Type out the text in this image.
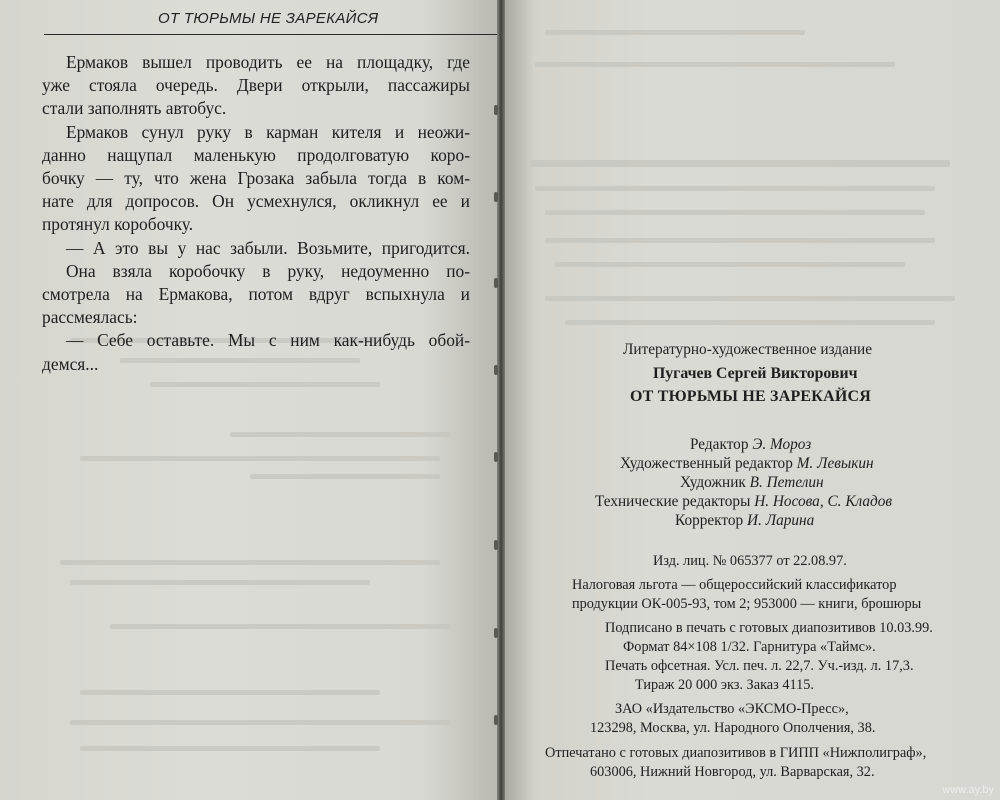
ОТ ТЮРЬМЫ НЕ ЗАРЕКАЙСЯ
Ермаков вышел проводить ее на площадку, где
уже стояла очередь. Двери открыли, пассажиры
стали заполнять автобус.
Ермаков сунул руку в карман кителя и неожи-
данно нащупал маленькую продолговатую коро-
бочку — ту, что жена Грозака забыла тогда в ком-
нате для допросов. Он усмехнулся, окликнул ее и
протянул коробочку.
— А это вы у нас забыли. Возьмите, пригодится.
Она взяла коробочку в руку, недоуменно по-
смотрела на Ермакова, потом вдруг вспыхнула и
рассмеялась:
— Себе оставьте. Мы с ним как-нибудь обой-
демся...
Литературно-художественное издание
Пугачев Сергей Викторович
ОТ ТЮРЬМЫ НЕ ЗАРЕКАЙСЯ
Редактор Э. Мороз
Художественный редактор М. Левыкин
Художник В. Петелин
Технические редакторы Н. Носова, С. Кладов
Корректор И. Ларина
Изд. лиц. № 065377 от 22.08.97.
Налоговая льгота — общероссийский классификатор
продукции ОК-005-93, том 2; 953000 — книги, брошюры
Подписано в печать с готовых диапозитивов 10.03.99.
Формат 84×108 1/32. Гарнитура «Таймс».
Печать офсетная. Усл. печ. л. 22,7. Уч.-изд. л. 17,3.
Тираж 20 000 экз. Заказ 4115.
ЗАО «Издательство «ЭКСМО-Пресс»,
123298, Москва, ул. Народного Ополчения, 38.
Отпечатано с готовых диапозитивов в ГИПП «Нижполиграф»,
603006, Нижний Новгород, ул. Варварская, 32.
www.ay.by
